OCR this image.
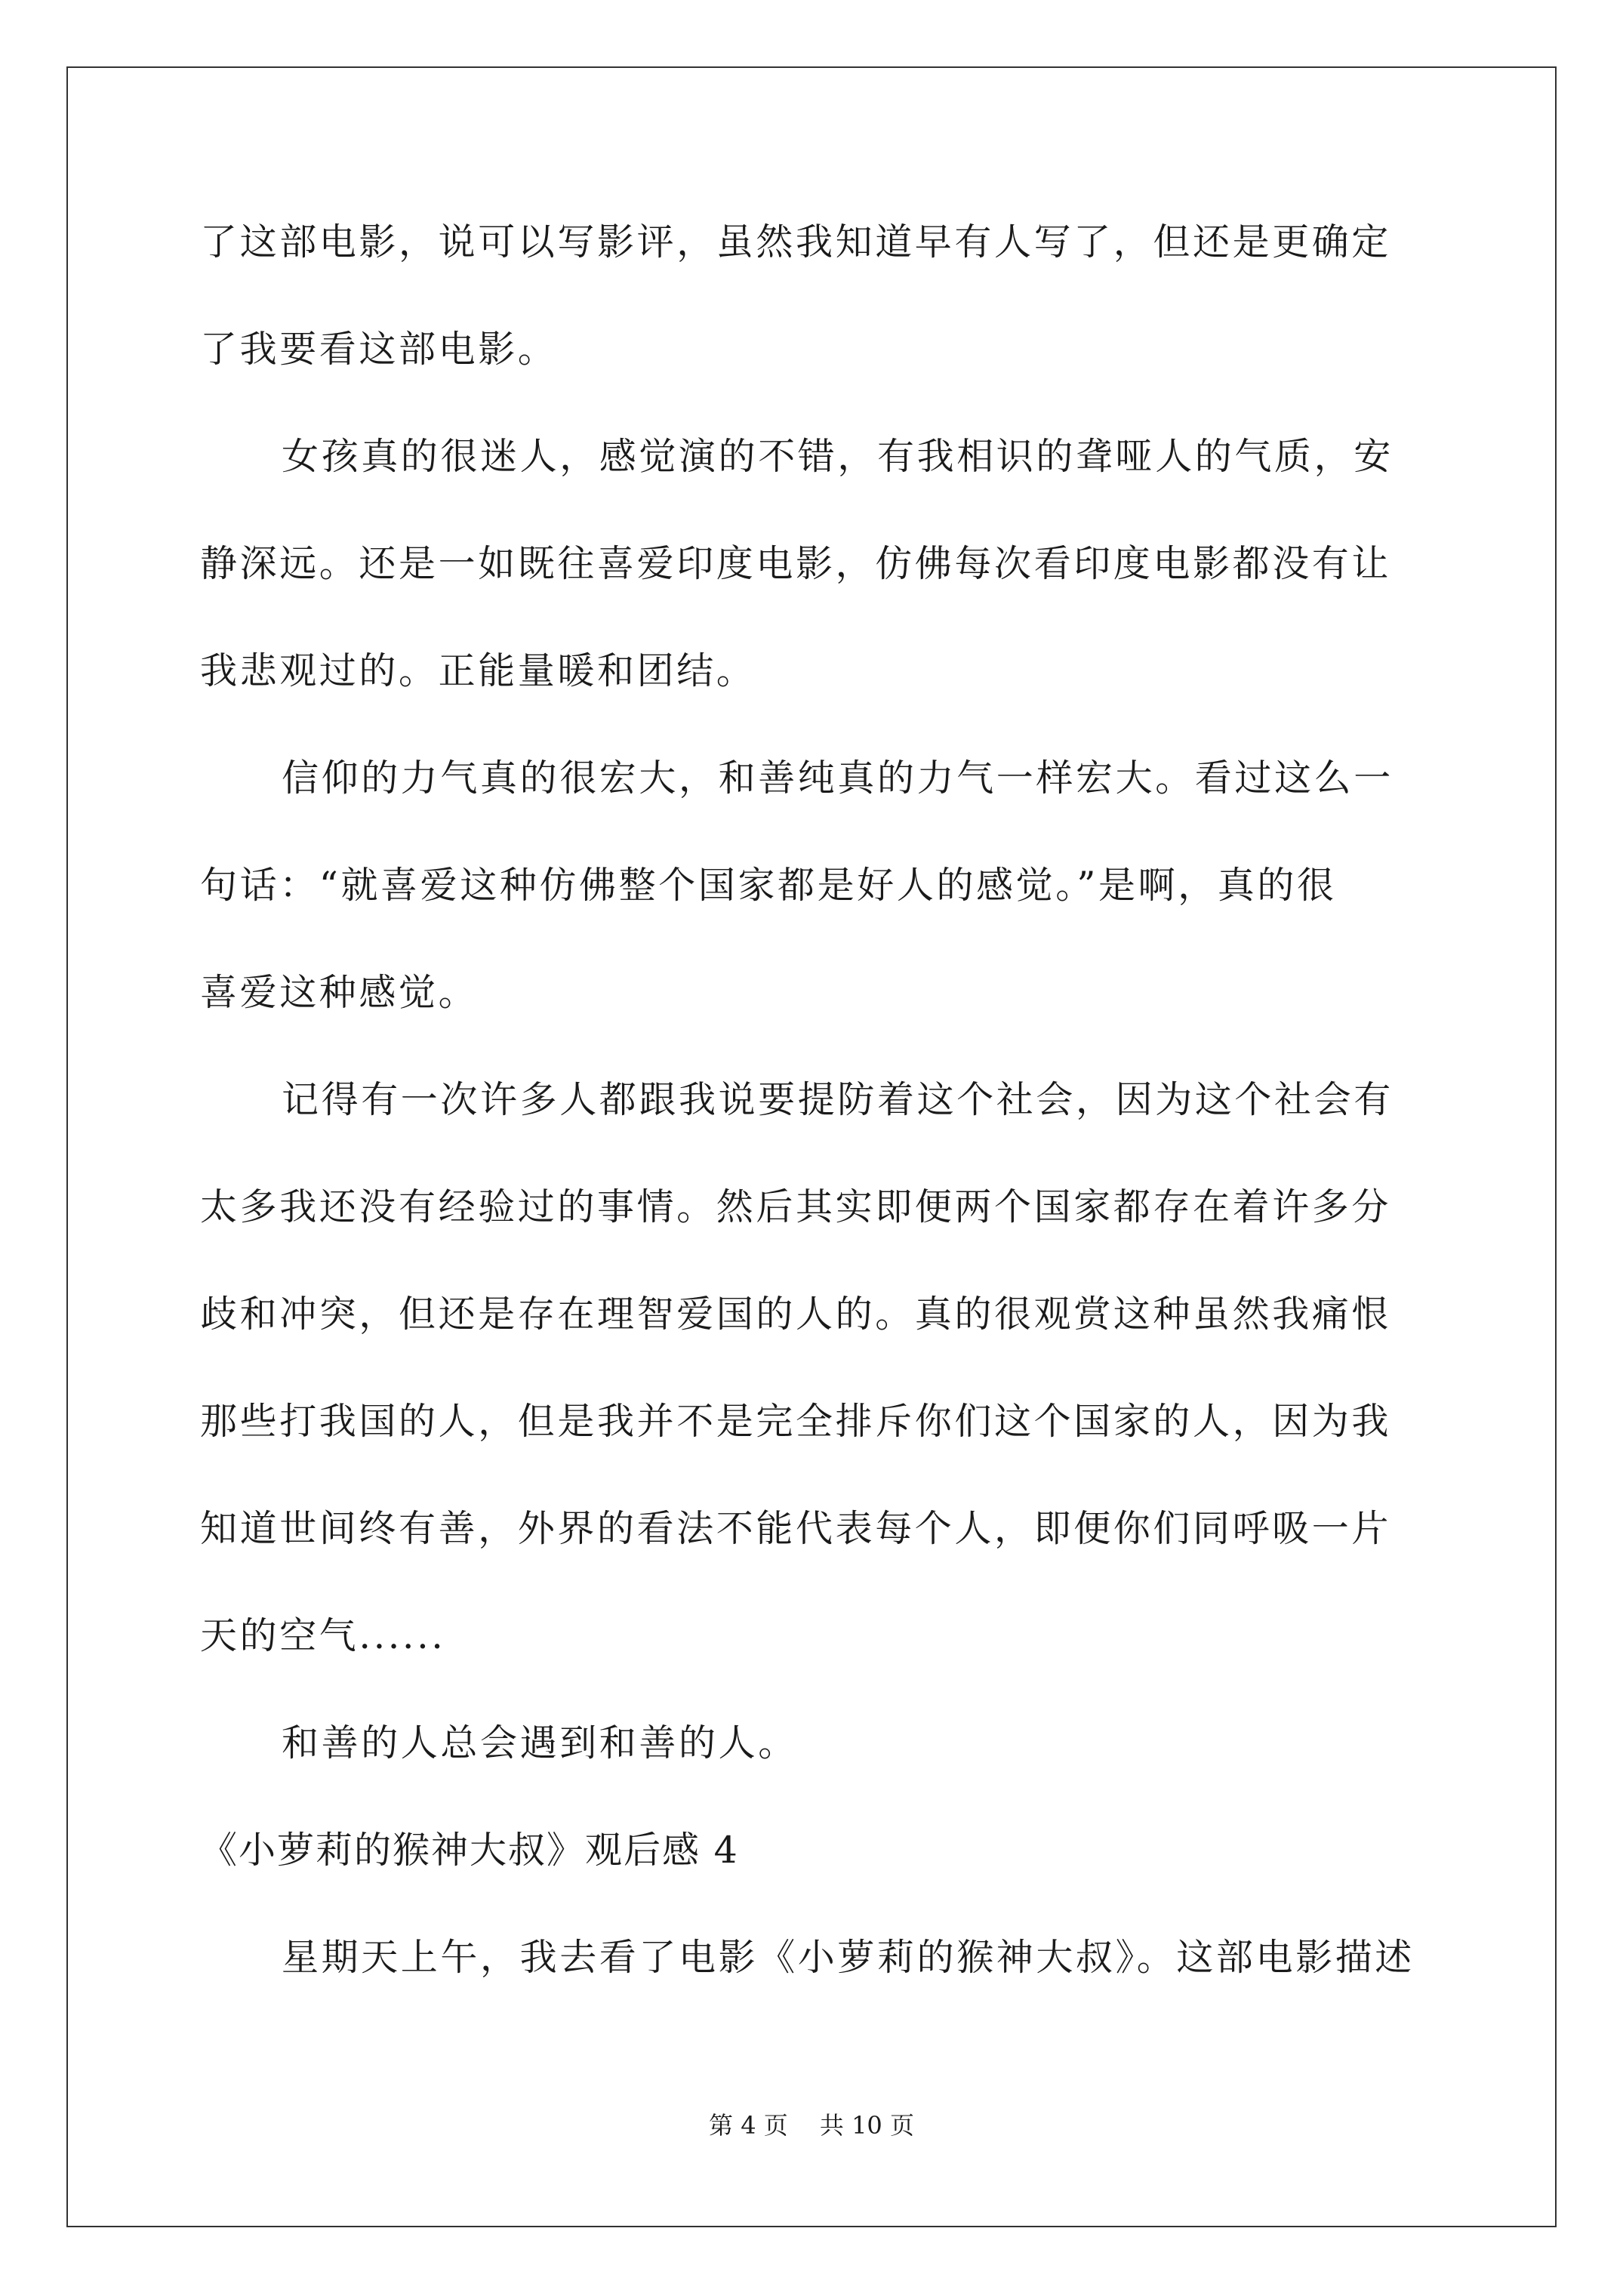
了这部电影，说可以写影评，虽然我知道早有人写了，但还是更确定
了我要看这部电影。
女孩真的很迷人，感觉演的不错，有我相识的聋哑人的气质，安
静深远。还是一如既往喜爱印度电影，仿佛每次看印度电影都没有让
我悲观过的。正能量暖和团结。
信仰的力气真的很宏大，和善纯真的力气一样宏大。看过这么一
句话：“就喜爱这种仿佛整个国家都是好人的感觉。”是啊，真的很
喜爱这种感觉。
记得有一次许多人都跟我说要提防着这个社会，因为这个社会有
太多我还没有经验过的事情。然后其实即便两个国家都存在着许多分
歧和冲突，但还是存在理智爱国的人的。真的很观赏这种虽然我痛恨
那些打我国的人，但是我并不是完全排斥你们这个国家的人，因为我
知道世间终有善，外界的看法不能代表每个人，即便你们同呼吸一片
天的空气......
和善的人总会遇到和善的人。
《小萝莉的猴神大叔》观后感 4
星期天上午，我去看了电影《小萝莉的猴神大叔》。这部电影描述
第 4 页　 共 10 页
